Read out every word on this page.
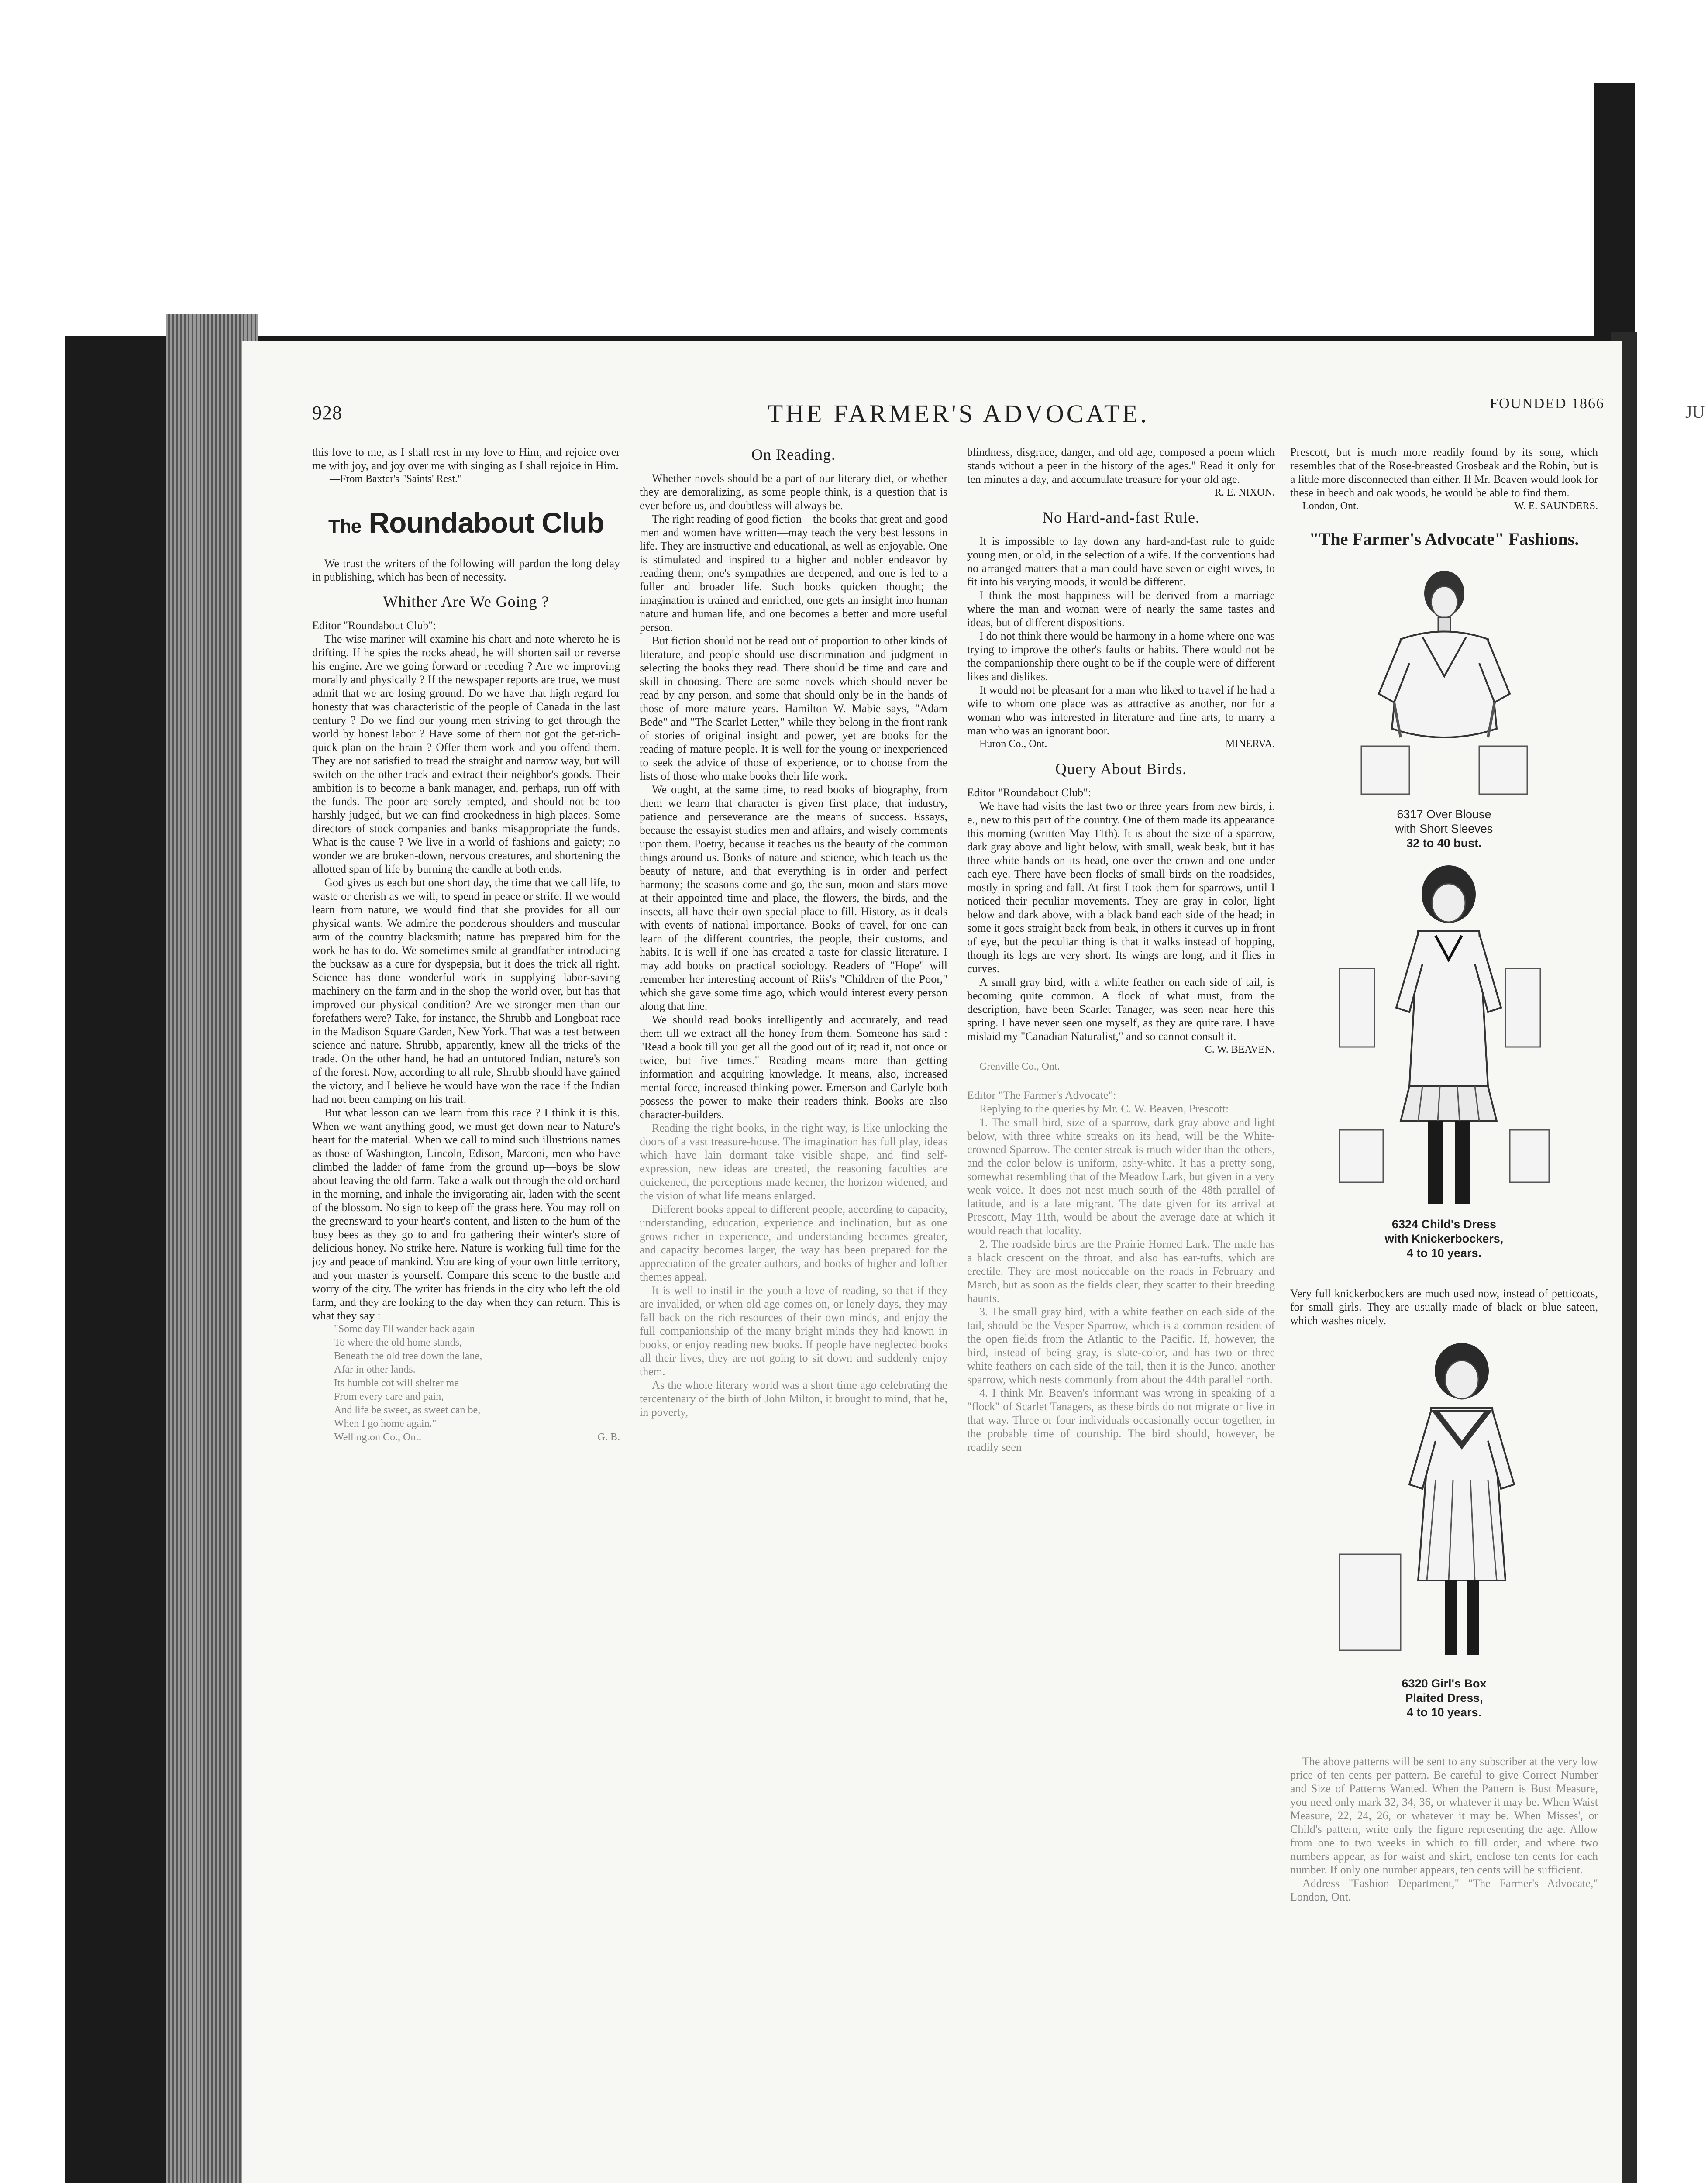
JU
928	THE FARMER'S ADVOCATE.	FOUNDED 1866

this love to me, as I shall rest in my love to Him, and rejoice over me with joy, and joy over me with singing as I shall rejoice in Him.

—From Baxter's "Saints' Rest."

The Roundabout Club

We trust the writers of the following will pardon the long delay in publishing, which has been of necessity.

Whither Are We Going ?

Editor "Roundabout Club":

The wise mariner will examine his chart and note whereto he is drifting. If he spies the rocks ahead, he will shorten sail or reverse his engine. Are we going forward or receding ? Are we improving morally and physically ? If the newspaper reports are true, we must admit that we are losing ground. Do we have that high regard for honesty that was characteristic of the people of Canada in the last century ? Do we find our young men striving to get through the world by honest labor ? Have some of them not got the get-rich-quick plan on the brain ? Offer them work and you offend them. They are not satisfied to tread the straight and narrow way, but will switch on the other track and extract their neighbor's goods. Their ambition is to become a bank manager, and, perhaps, run off with the funds. The poor are sorely tempted, and should not be too harshly judged, but we can find crookedness in high places. Some directors of stock companies and banks misappropriate the funds. What is the cause ? We live in a world of fashions and gaiety; no wonder we are broken-down, nervous creatures, and shortening the allotted span of life by burning the candle at both ends.

God gives us each but one short day, the time that we call life, to waste or cherish as we will, to spend in peace or strife. If we would learn from nature, we would find that she provides for all our physical wants. We admire the ponderous shoulders and muscular arm of the country blacksmith; nature has prepared him for the work he has to do. We sometimes smile at grandfather introducing the bucksaw as a cure for dyspepsia, but it does the trick all right. Science has done wonderful work in supplying labor-saving machinery on the farm and in the shop the world over, but has that improved our physical condition? Are we stronger men than our forefathers were? Take, for instance, the Shrubb and Longboat race in the Madison Square Garden, New York. That was a test between science and nature. Shrubb, apparently, knew all the tricks of the trade. On the other hand, he had an untutored Indian, nature's son of the forest. Now, according to all rule, Shrubb should have gained the victory, and I believe he would have won the race if the Indian had not been camping on his trail.

But what lesson can we learn from this race ? I think it is this. When we want anything good, we must get down near to Nature's heart for the material. When we call to mind such illustrious names as those of Washington, Lincoln, Edison, Marconi, men who have climbed the ladder of fame from the ground up—boys be slow about leaving the old farm. Take a walk out through the old orchard in the morning, and inhale the invigorating air, laden with the scent of the blossom. No sign to keep off the grass here. You may roll on the greensward to your heart's content, and listen to the hum of the busy bees as they go to and fro gathering their winter's store of delicious honey. No strike here. Nature is working full time for the joy and peace of mankind. You are king of your own little territory, and your master is yourself. Compare this scene to the bustle and worry of the city. The writer has friends in the city who left the old farm, and they are looking to the day when they can return. This is what they say :

"Some day I'll wander back again

To where the old home stands,

Beneath the old tree down the lane,

Afar in other lands.

Its humble cot will shelter me

From every care and pain,

And life be sweet, as sweet can be,

When I go home again."

Wellington Co., Ont.	G. B.

On Reading.

Whether novels should be a part of our literary diet, or whether they are demoralizing, as some people think, is a question that is ever before us, and doubtless will always be.

The right reading of good fiction—the books that great and good men and women have written—may teach the very best lessons in life. They are instructive and educational, as well as enjoyable. One is stimulated and inspired to a higher and nobler endeavor by reading them; one's sympathies are deepened, and one is led to a fuller and broader life. Such books quicken thought; the imagination is trained and enriched, one gets an insight into human nature and human life, and one becomes a better and more useful person.

But fiction should not be read out of proportion to other kinds of literature, and people should use discrimination and judgment in selecting the books they read. There should be time and care and skill in choosing. There are some novels which should never be read by any person, and some that should only be in the hands of those of more mature years. Hamilton W. Mabie says, "Adam Bede" and "The Scarlet Letter," while they belong in the front rank of stories of original insight and power, yet are books for the reading of mature people. It is well for the young or inexperienced to seek the advice of those of experience, or to choose from the lists of those who make books their life work.

We ought, at the same time, to read books of biography, from them we learn that character is given first place, that industry, patience and perseverance are the means of success. Essays, because the essayist studies men and affairs, and wisely comments upon them. Poetry, because it teaches us the beauty of the common things around us. Books of nature and science, which teach us the beauty of nature, and that everything is in order and perfect harmony; the seasons come and go, the sun, moon and stars move at their appointed time and place, the flowers, the birds, and the insects, all have their own special place to fill. History, as it deals with events of national importance. Books of travel, for one can learn of the different countries, the people, their customs, and habits. It is well if one has created a taste for classic literature. I may add books on practical sociology. Readers of "Hope" will remember her interesting account of Riis's "Children of the Poor," which she gave some time ago, which would interest every person along that line.

We should read books intelligently and accurately, and read them till we extract all the honey from them. Someone has said : "Read a book till you get all the good out of it; read it, not once or twice, but five times." Reading means more than getting information and acquiring knowledge. It means, also, increased mental force, increased thinking power. Emerson and Carlyle both possess the power to make their readers think. Books are also character-builders.

Reading the right books, in the right way, is like unlocking the doors of a vast treasure-house. The imagination has full play, ideas which have lain dormant take visible shape, and find self-expression, new ideas are created, the reasoning faculties are quickened, the perceptions made keener, the horizon widened, and the vision of what life means enlarged.

Different books appeal to different people, according to capacity, understanding, education, experience and inclination, but as one grows richer in experience, and understanding becomes greater, and capacity becomes larger, the way has been prepared for the appreciation of the greater authors, and books of higher and loftier themes appeal.

It is well to instil in the youth a love of reading, so that if they are invalided, or when old age comes on, or lonely days, they may fall back on the rich resources of their own minds, and enjoy the full companionship of the many bright minds they had known in books, or enjoy reading new books. If people have neglected books all their lives, they are not going to sit down and suddenly enjoy them.

As the whole literary world was a short time ago celebrating the tercentenary of the birth of John Milton, it brought to mind, that he, in poverty,

blindness, disgrace, danger, and old age, composed a poem which stands without a peer in the history of the ages." Read it only for ten minutes a day, and accumulate treasure for your old age.

R. E. NIXON.

No Hard-and-fast Rule.

It is impossible to lay down any hard-and-fast rule to guide young men, or old, in the selection of a wife. If the conventions had no arranged matters that a man could have seven or eight wives, to fit into his varying moods, it would be different.

I think the most happiness will be derived from a marriage where the man and woman were of nearly the same tastes and ideas, but of different dispositions.

I do not think there would be harmony in a home where one was trying to improve the other's faults or habits. There would not be the companionship there ought to be if the couple were of different likes and dislikes.

It would not be pleasant for a man who liked to travel if he had a wife to whom one place was as attractive as another, nor for a woman who was interested in literature and fine arts, to marry a man who was an ignorant boor.

Huron Co., Ont.	MINERVA.

Query About Birds.

Editor "Roundabout Club":

We have had visits the last two or three years from new birds, i. e., new to this part of the country. One of them made its appearance this morning (written May 11th). It is about the size of a sparrow, dark gray above and light below, with small, weak beak, but it has three white bands on its head, one over the crown and one under each eye. There have been flocks of small birds on the roadsides, mostly in spring and fall. At first I took them for sparrows, until I noticed their peculiar movements. They are gray in color, light below and dark above, with a black band each side of the head; in some it goes straight back from beak, in others it curves up in front of eye, but the peculiar thing is that it walks instead of hopping, though its legs are very short. Its wings are long, and it flies in curves.

A small gray bird, with a white feather on each side of tail, is becoming quite common. A flock of what must, from the description, have been Scarlet Tanager, was seen near here this spring. I have never seen one myself, as they are quite rare. I have mislaid my "Canadian Naturalist," and so cannot consult it.

C. W. BEAVEN.

Grenville Co., Ont.

Editor "The Farmer's Advocate":

Replying to the queries by Mr. C. W. Beaven, Prescott:

1. The small bird, size of a sparrow, dark gray above and light below, with three white streaks on its head, will be the White-crowned Sparrow. The center streak is much wider than the others, and the color below is uniform, ashy-white. It has a pretty song, somewhat resembling that of the Meadow Lark, but given in a very weak voice. It does not nest much south of the 48th parallel of latitude, and is a late migrant. The date given for its arrival at Prescott, May 11th, would be about the average date at which it would reach that locality.

2. The roadside birds are the Prairie Horned Lark. The male has a black crescent on the throat, and also has ear-tufts, which are erectile. They are most noticeable on the roads in February and March, but as soon as the fields clear, they scatter to their breeding haunts.

3. The small gray bird, with a white feather on each side of the tail, should be the Vesper Sparrow, which is a common resident of the open fields from the Atlantic to the Pacific. If, however, the bird, instead of being gray, is slate-color, and has two or three white feathers on each side of the tail, then it is the Junco, another sparrow, which nests commonly from about the 44th parallel north.

4. I think Mr. Beaven's informant was wrong in speaking of a "flock" of Scarlet Tanagers, as these birds do not migrate or live in that way. Three or four individuals occasionally occur together, in the probable time of courtship. The bird should, however, be readily seen

Prescott, but is much more readily found by its song, which resembles that of the Rose-breasted Grosbeak and the Robin, but is a little more disconnected than either. If Mr. Beaven would look for these in beech and oak woods, he would be able to find them.

London, Ont.	W. E. SAUNDERS.

"The Farmer's Advocate" Fashions.

6317 Over Blouse

with Short Sleeves

32 to 40 bust.

6324 Child's Dress

with Knickerbockers,

4 to 10 years.

Very full knickerbockers are much used now, instead of petticoats, for small girls. They are usually made of black or blue sateen, which washes nicely.

6320 Girl's Box

Plaited Dress,

4 to 10 years.

The above patterns will be sent to any subscriber at the very low price of ten cents per pattern. Be careful to give Correct Number and Size of Patterns Wanted. When the Pattern is Bust Measure, you need only mark 32, 34, 36, or whatever it may be. When Waist Measure, 22, 24, 26, or whatever it may be. When Misses', or Child's pattern, write only the figure representing the age. Allow from one to two weeks in which to fill order, and where two numbers appear, as for waist and skirt, enclose ten cents for each number. If only one number appears, ten cents will be sufficient.

Address "Fashion Department," "The Farmer's Advocate," London, Ont.
